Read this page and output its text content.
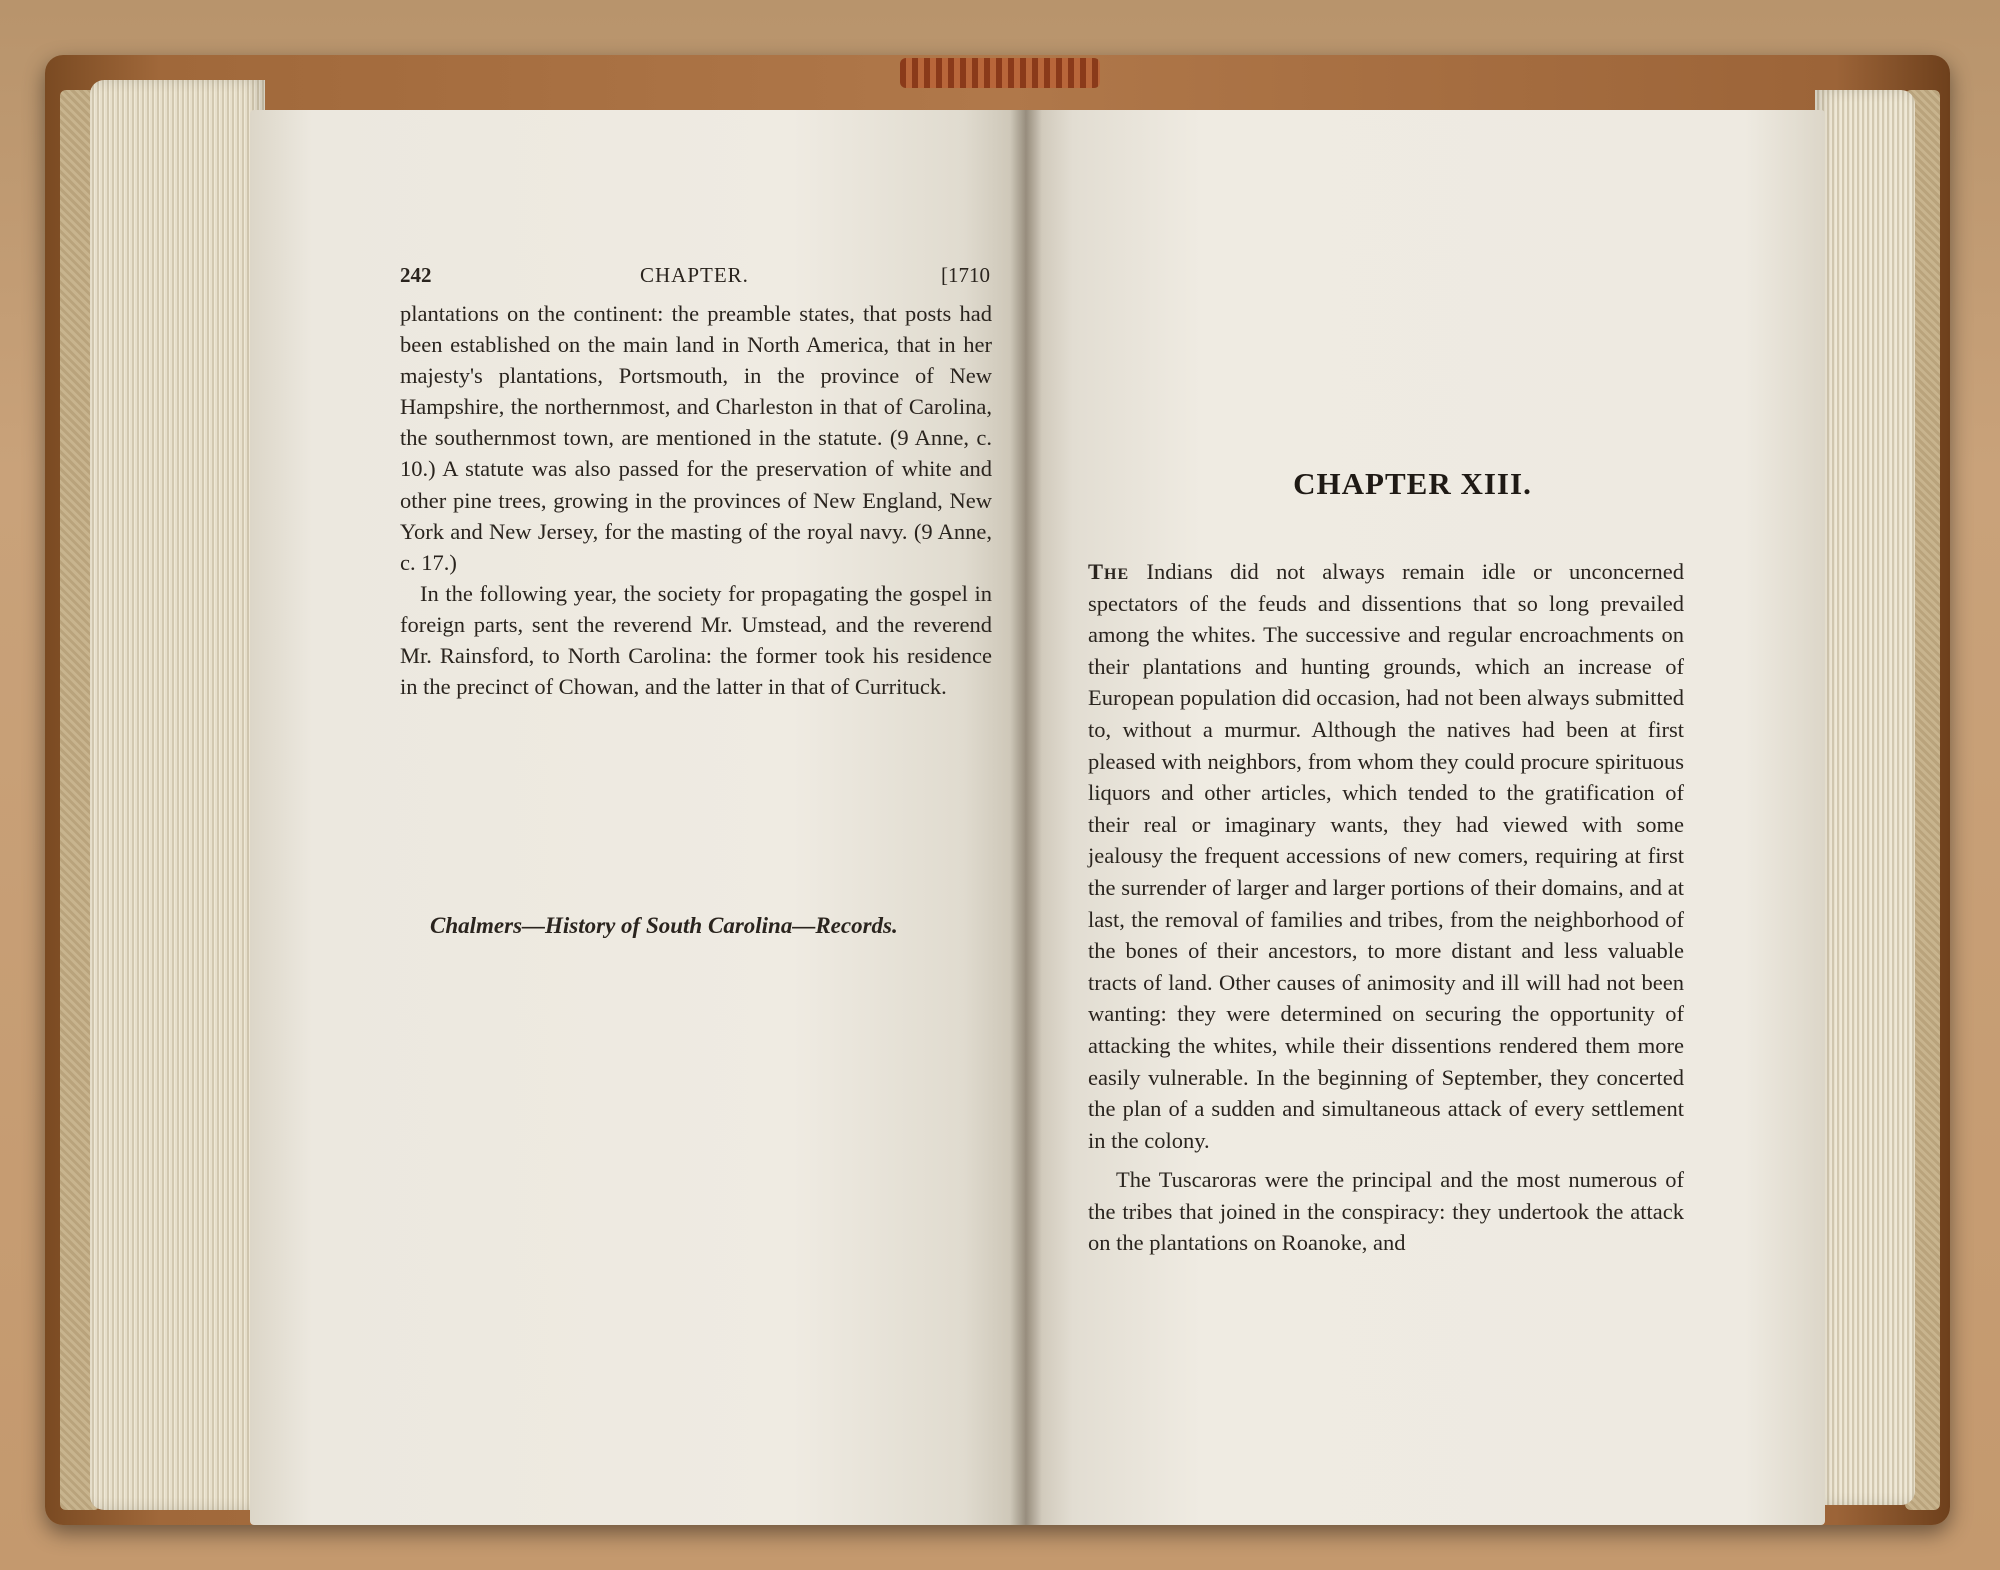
242	CHAPTER.	[1710

plantations on the continent: the preamble states, that posts had been established on the main land in North America, that in her majesty's plantations, Portsmouth, in the province of New Hampshire, the northernmost, and Charleston in that of Carolina, the southernmost town, are mentioned in the statute. (9 Anne, c. 10.) A statute was also passed for the preservation of white and other pine trees, growing in the provinces of New England, New York and New Jersey, for the masting of the royal navy. (9 Anne, c. 17.)

In the following year, the society for propagating the gospel in foreign parts, sent the reverend Mr. Umstead, and the reverend Mr. Rainsford, to North Carolina: the former took his residence in the precinct of Chowan, and the latter in that of Currituck.

Chalmers—History of South Carolina—Records.
CHAPTER XIII.

The Indians did not always remain idle or unconcerned spectators of the feuds and dissentions that so long prevailed among the whites. The successive and regular encroachments on their plantations and hunting grounds, which an increase of European population did occasion, had not been always submitted to, without a murmur. Although the natives had been at first pleased with neighbors, from whom they could procure spirituous liquors and other articles, which tended to the gratification of their real or imaginary wants, they had viewed with some jealousy the frequent accessions of new comers, requiring at first the surrender of larger and larger portions of their domains, and at last, the removal of families and tribes, from the neighborhood of the bones of their ancestors, to more distant and less valuable tracts of land. Other causes of animosity and ill will had not been wanting: they were determined on securing the opportunity of attacking the whites, while their dissentions rendered them more easily vulnerable. In the beginning of September, they concerted the plan of a sudden and simultaneous attack of every settlement in the colony.

The Tuscaroras were the principal and the most numerous of the tribes that joined in the conspiracy: they undertook the attack on the plantations on Roanoke, and
